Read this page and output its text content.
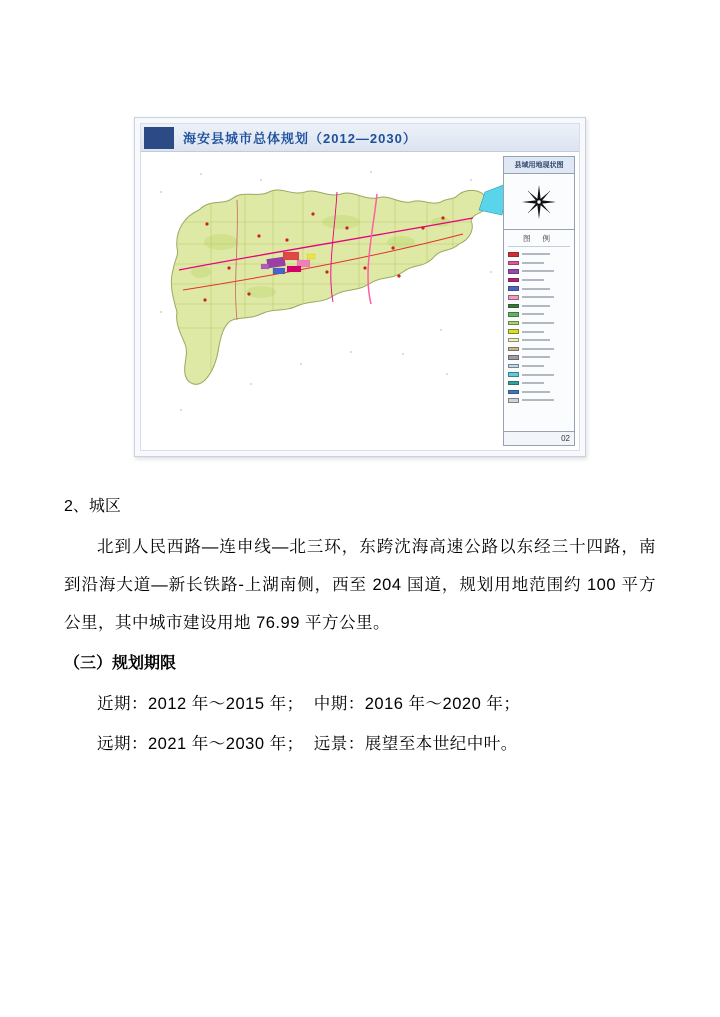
海安县城市总体规划（2012—2030）
县域用地现状图
图 例
02

2、城区

北到人民西路—连申线—北三环，东跨沈海高速公路以东经三十四路，南到沿海大道—新长铁路-上湖南侧，西至 204 国道，规划用地范围约 100 平方公里，其中城市建设用地 76.99 平方公里。

（三）规划期限

近期：2012 年～2015 年；  中期：2016 年～2020 年；

远期：2021 年～2030 年；  远景：展望至本世纪中叶。
